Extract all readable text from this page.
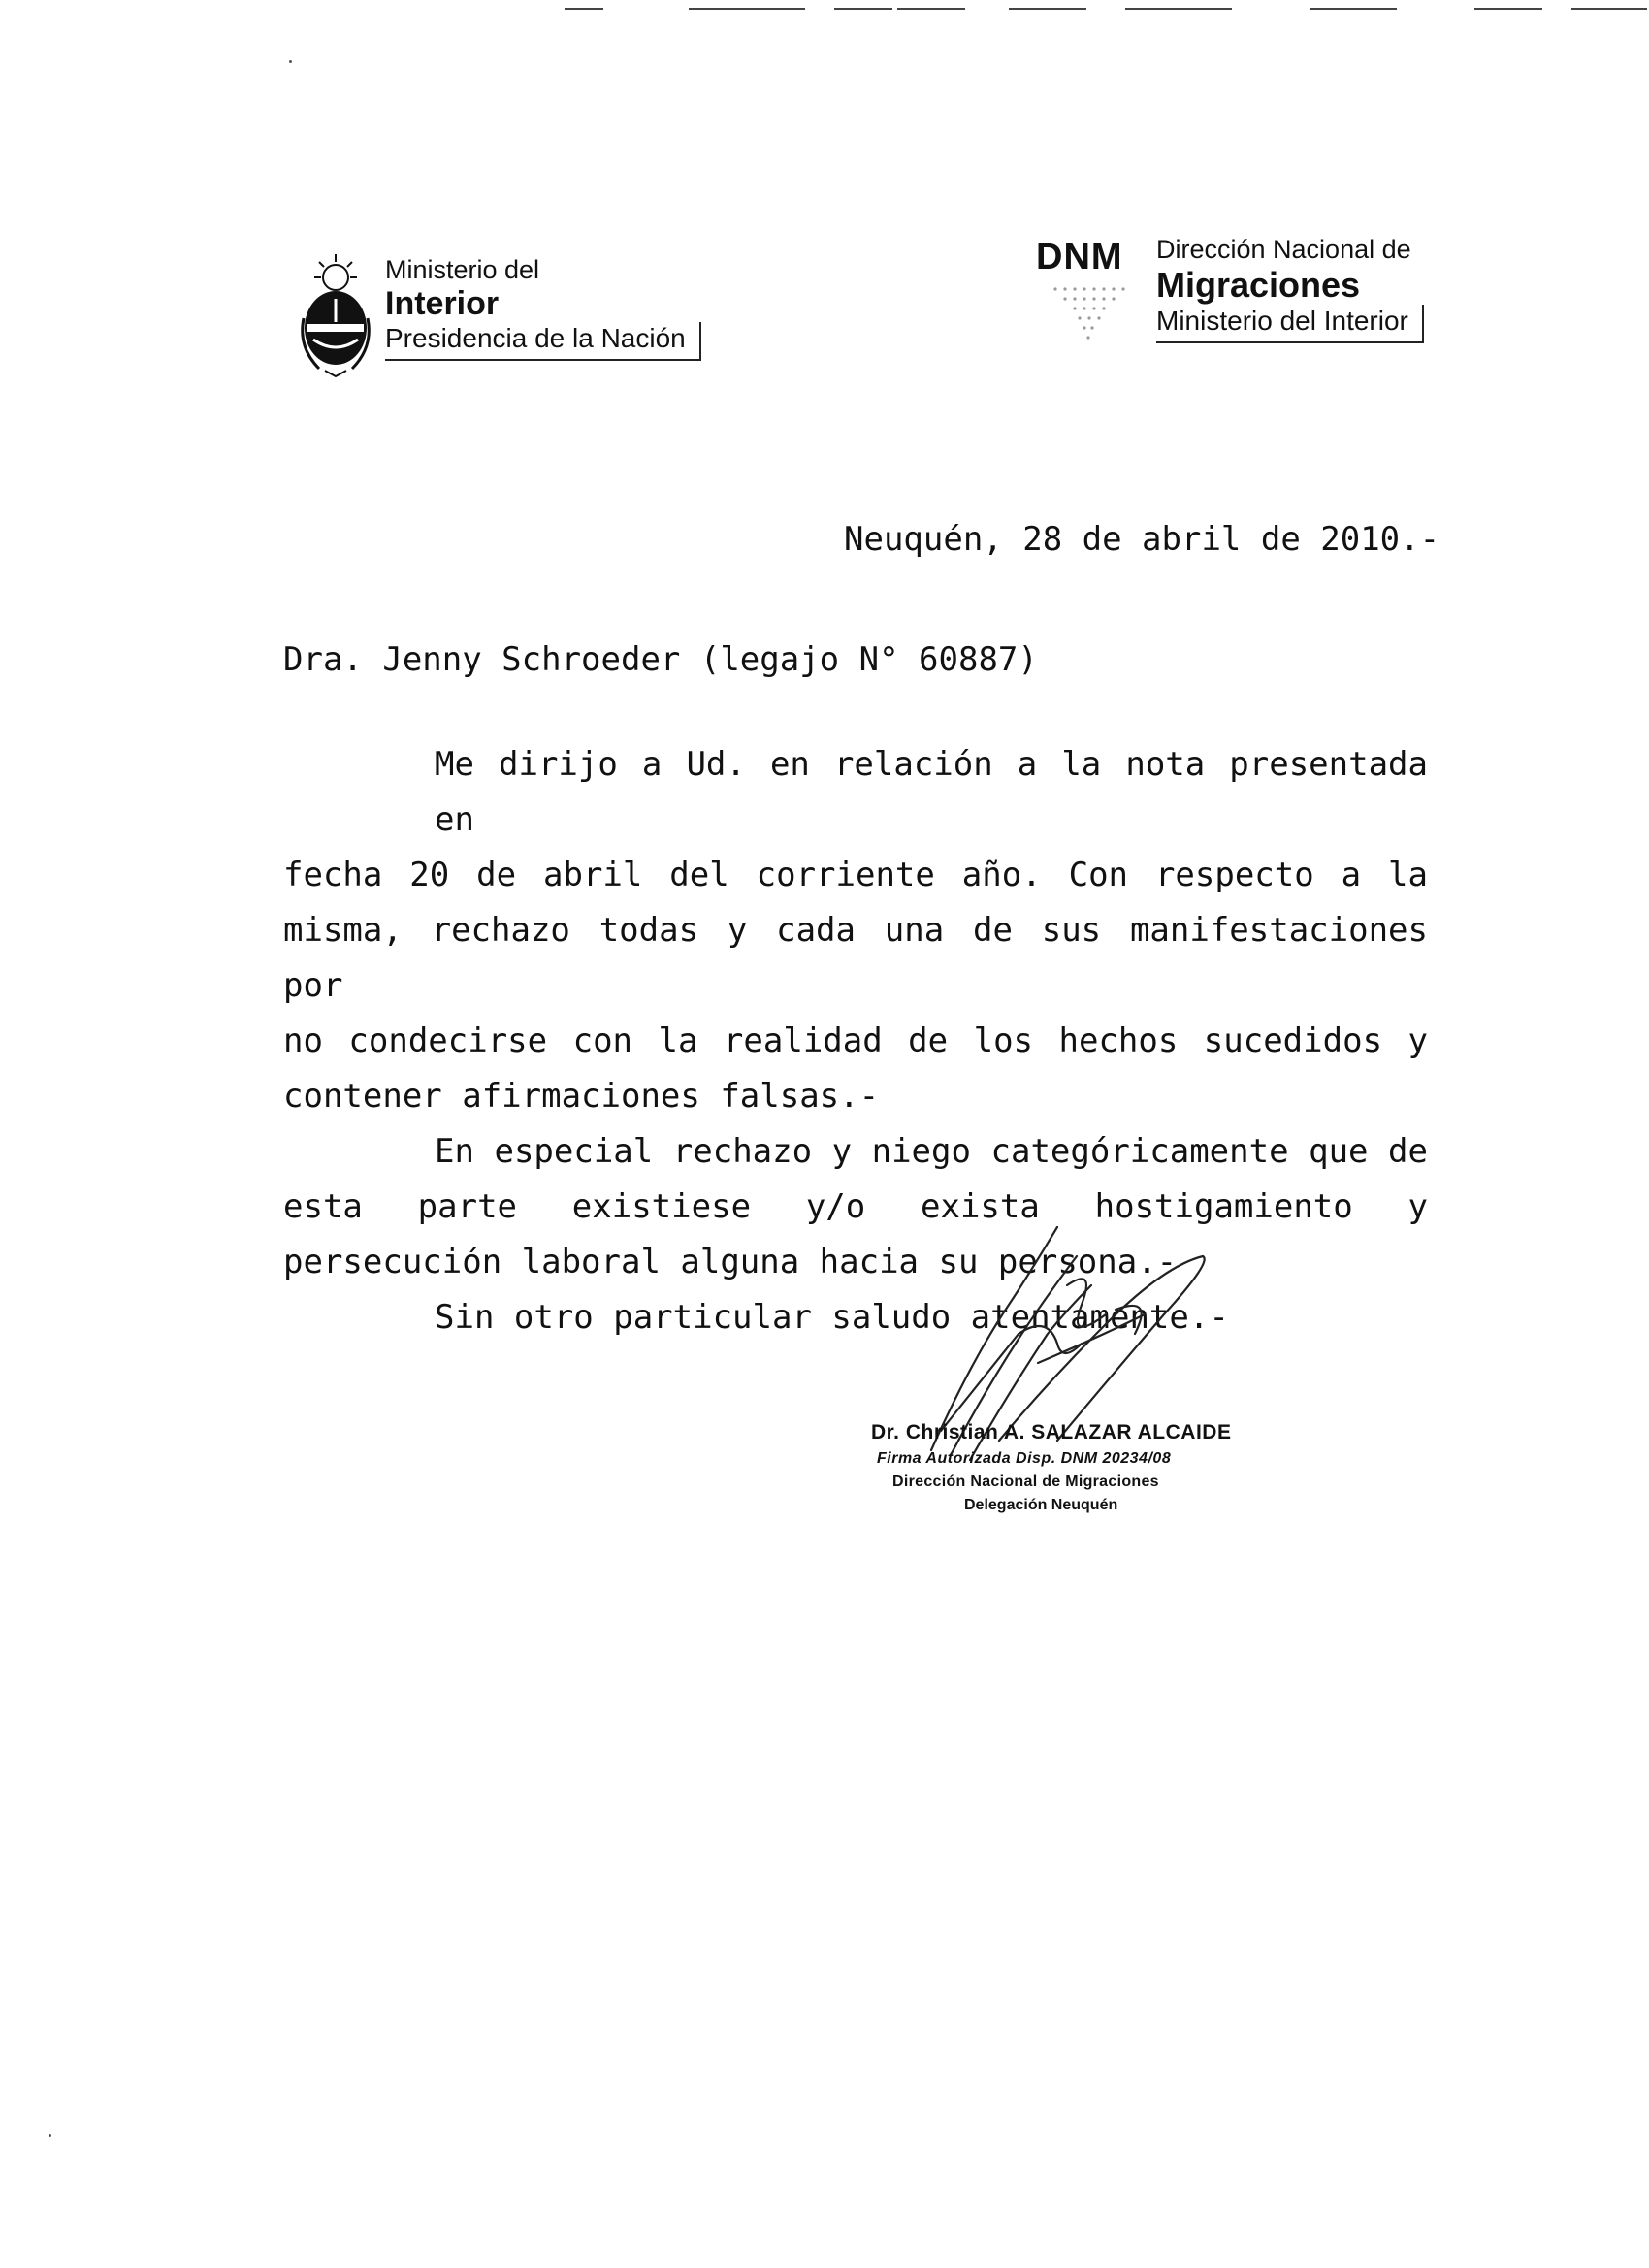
Ministerio del
Interior
Presidencia de la Nación
DNM Dirección Nacional de
Migraciones
Ministerio del Interior
Neuquén, 28 de abril de 2010.-
Dra. Jenny Schroeder (legajo N° 60887)

Me dirijo a Ud. en relación a la nota presentada en
fecha 20 de abril del corriente año. Con respecto a la
misma, rechazo todas y cada una de sus manifestaciones por
no condecirse con la realidad de los hechos sucedidos y
contener afirmaciones falsas.-

En especial rechazo y niego categóricamente que de
esta parte existiese y/o exista hostigamiento y
persecución laboral alguna hacia su persona.-

Sin otro particular saludo atentamente.-

Dr. Christian A. SALAZAR ALCAIDE
Firma Autorizada Disp. DNM 20234/08
Dirección Nacional de Migraciones
Delegación Neuquén
